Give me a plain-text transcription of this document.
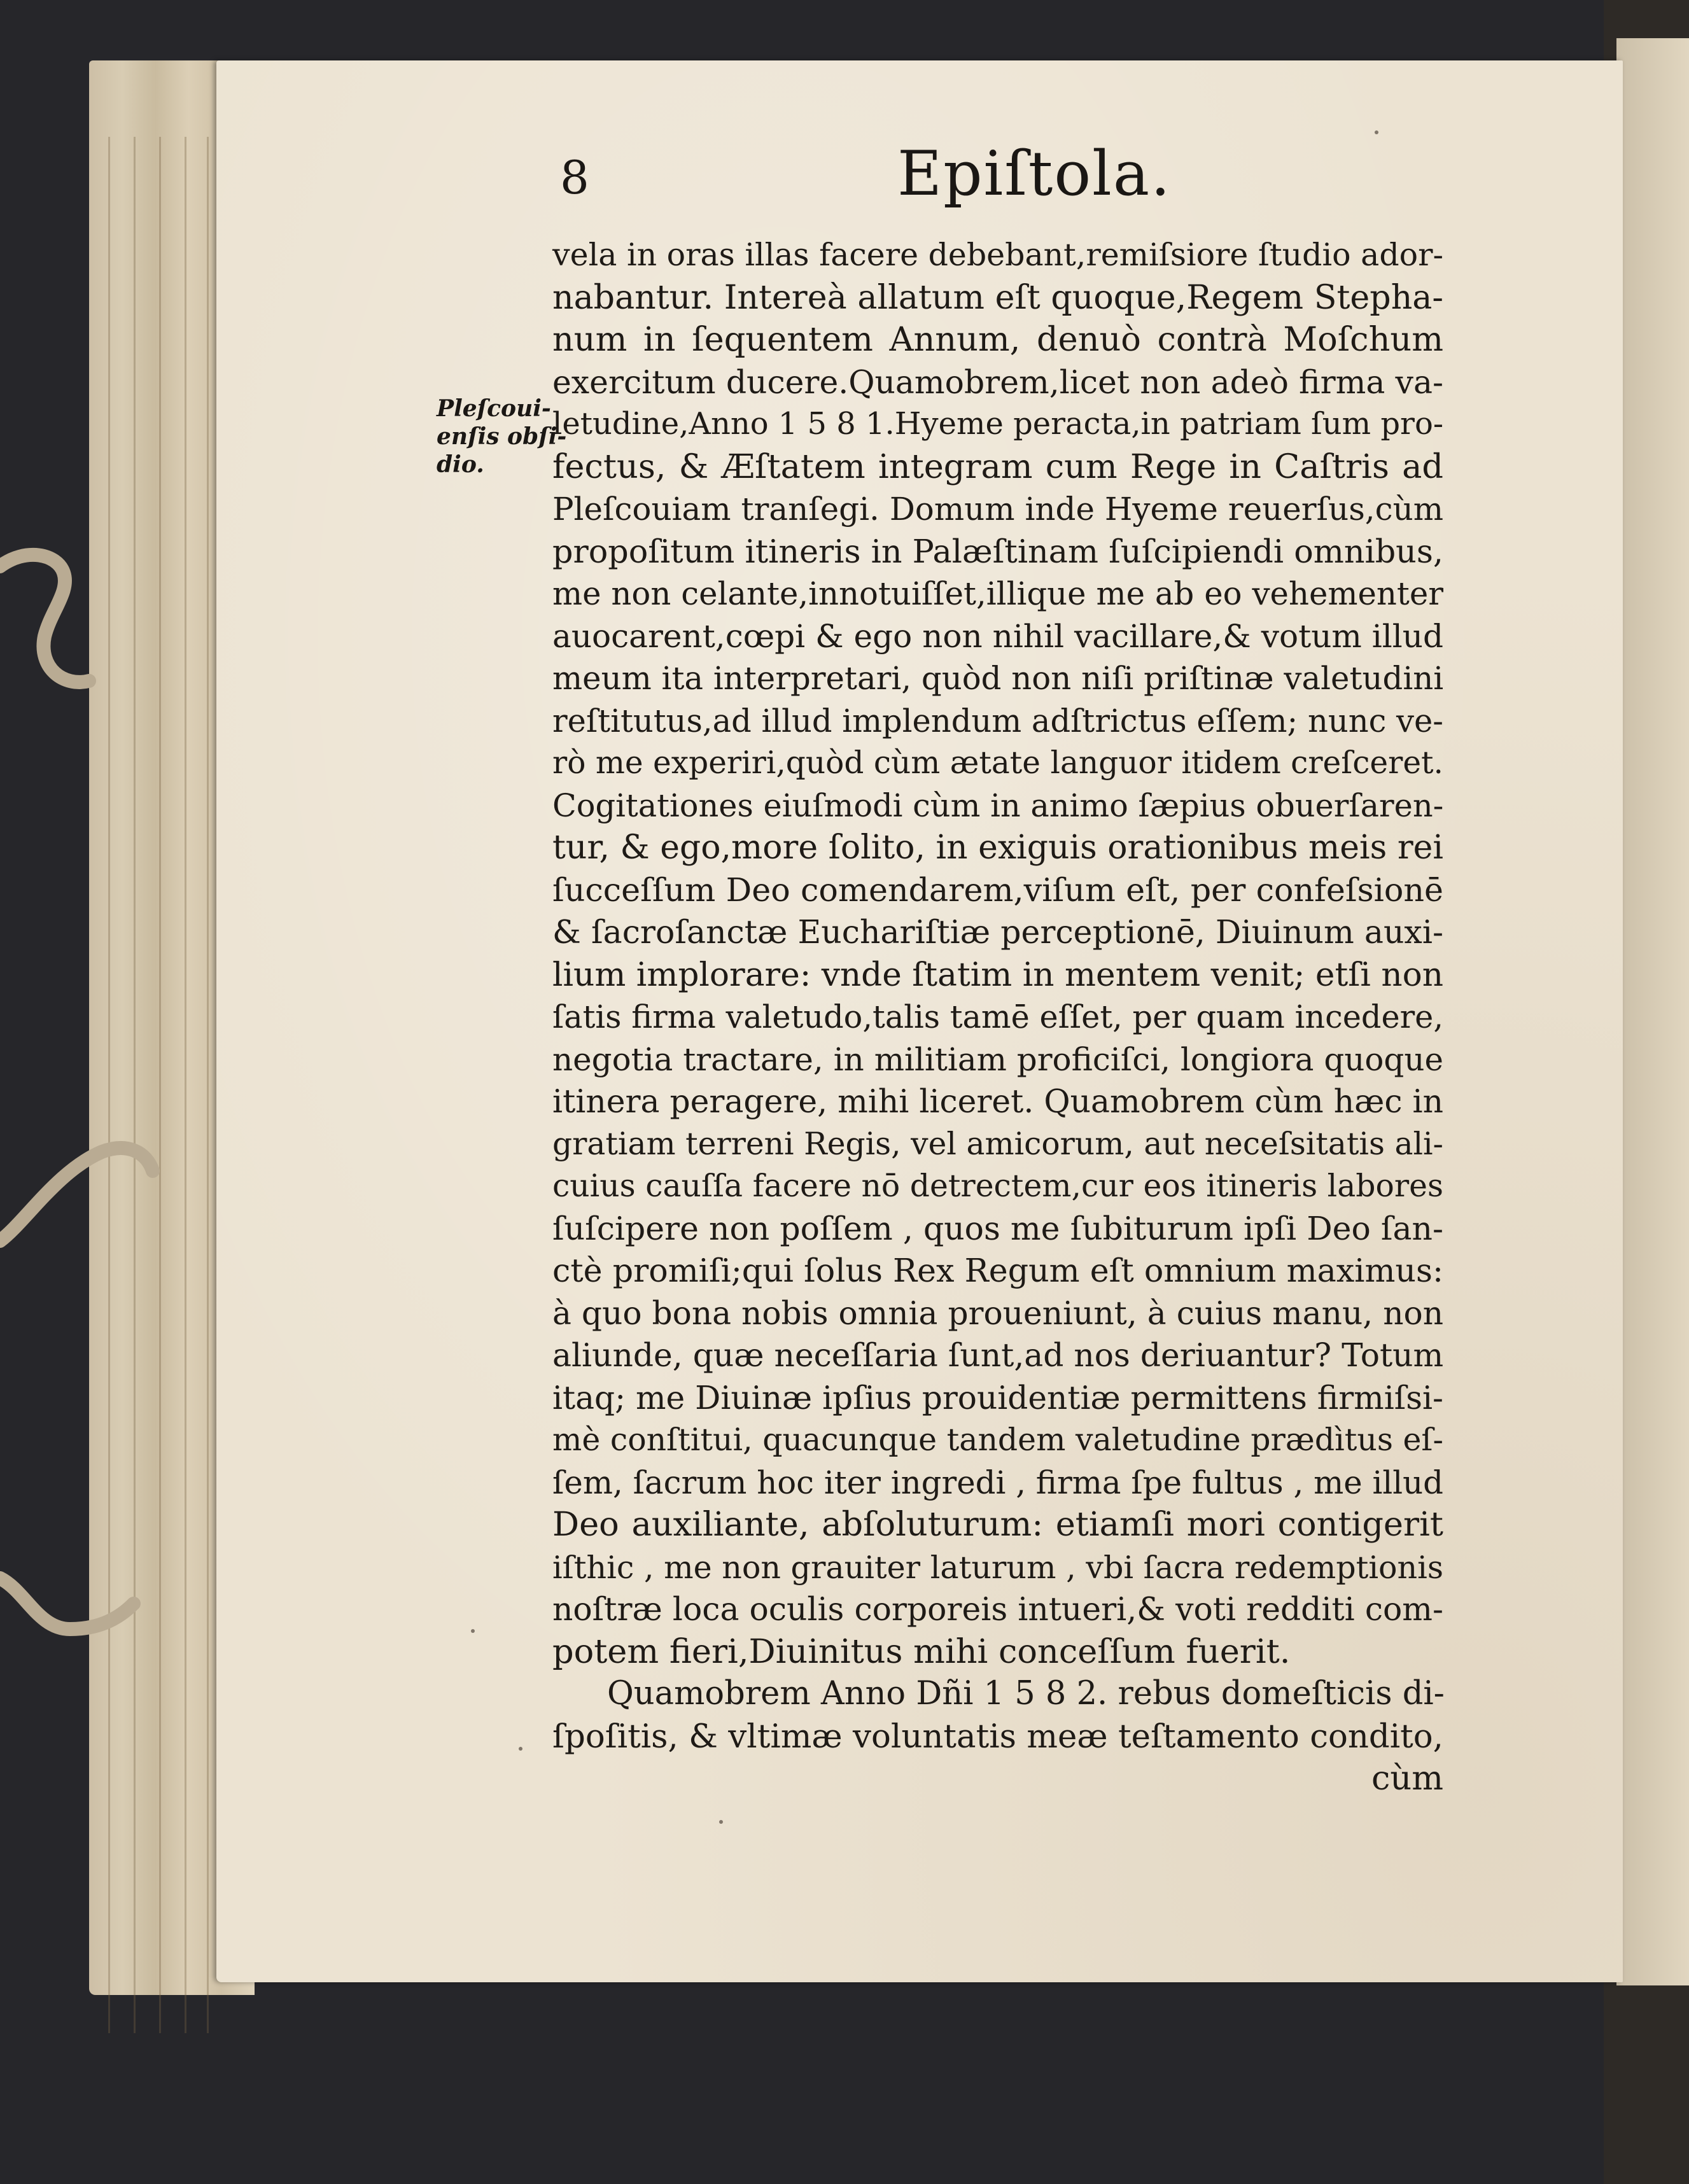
8	Epiſtola.
Pleſcoui-
enſis obſi-
dio.
vela in oras illas facere debebant,remiſsiore ſtudio ador-
nabantur. Intereà allatum eſt quoque,Regem Stepha-
num in ſequentem Annum, denuò contrà Moſchum
exercitum ducere.Quamobrem,licet non adeò firma va-
letudine,Anno 1 5 8 1.Hyeme peracta,in patriam ſum pro-
fectus, & Æſtatem integram cum Rege in Caſtris ad
Pleſcouiam tranſegi. Domum inde Hyeme reuerſus,cùm
propoſitum itineris in Palæſtinam ſuſcipiendi omnibus,
me non celante,innotuiſſet,illique me ab eo vehementer
auocarent,cœpi & ego non nihil vacillare,& votum illud
meum ita interpretari, quòd non niſi priſtinæ valetudini
reſtitutus,ad illud implendum adſtrictus eſſem; nunc ve-
rò me experiri,quòd cùm ætate languor itidem creſceret.
Cogitationes eiuſmodi cùm in animo ſæpius obuerſaren-
tur, & ego,more ſolito, in exiguis orationibus meis rei
ſucceſſum Deo comendarem,viſum eſt, per confeſsionē
& ſacroſanctæ Euchariſtiæ perceptionē, Diuinum auxi-
lium implorare: vnde ſtatim in mentem venit; etſi non
ſatis firma valetudo,talis tamē eſſet, per quam incedere,
negotia tractare, in militiam proficiſci, longiora quoque
itinera peragere, mihi liceret. Quamobrem cùm hæc in
gratiam terreni Regis, vel amicorum, aut neceſsitatis ali-
cuius cauſſa facere nō detrectem,cur eos itineris labores
ſuſcipere non poſſem , quos me ſubiturum ipſi Deo ſan-
ctè promiſi;qui ſolus Rex Regum eſt omnium maximus:
à quo bona nobis omnia proueniunt, à cuius manu, non
aliunde, quæ neceſſaria ſunt,ad nos deriuantur? Totum
itaq; me Diuinæ ipſius prouidentiæ permittens firmiſsi-
mè conſtitui, quacunque tandem valetudine prædìtus eſ-
ſem, ſacrum hoc iter ingredi , firma ſpe fultus , me illud
Deo auxiliante, abſoluturum: etiamſi mori contigerit
iſthic , me non grauiter laturum , vbi ſacra redemptionis
noſtræ loca oculis corporeis intueri,& voti redditi com-
potem fieri,Diuinitus mihi conceſſum fuerit.
Quamobrem Anno Dñi 1 5 8 2. rebus domeſticis di-
ſpoſitis, & vltimæ voluntatis meæ teſtamento condito,
cùm
